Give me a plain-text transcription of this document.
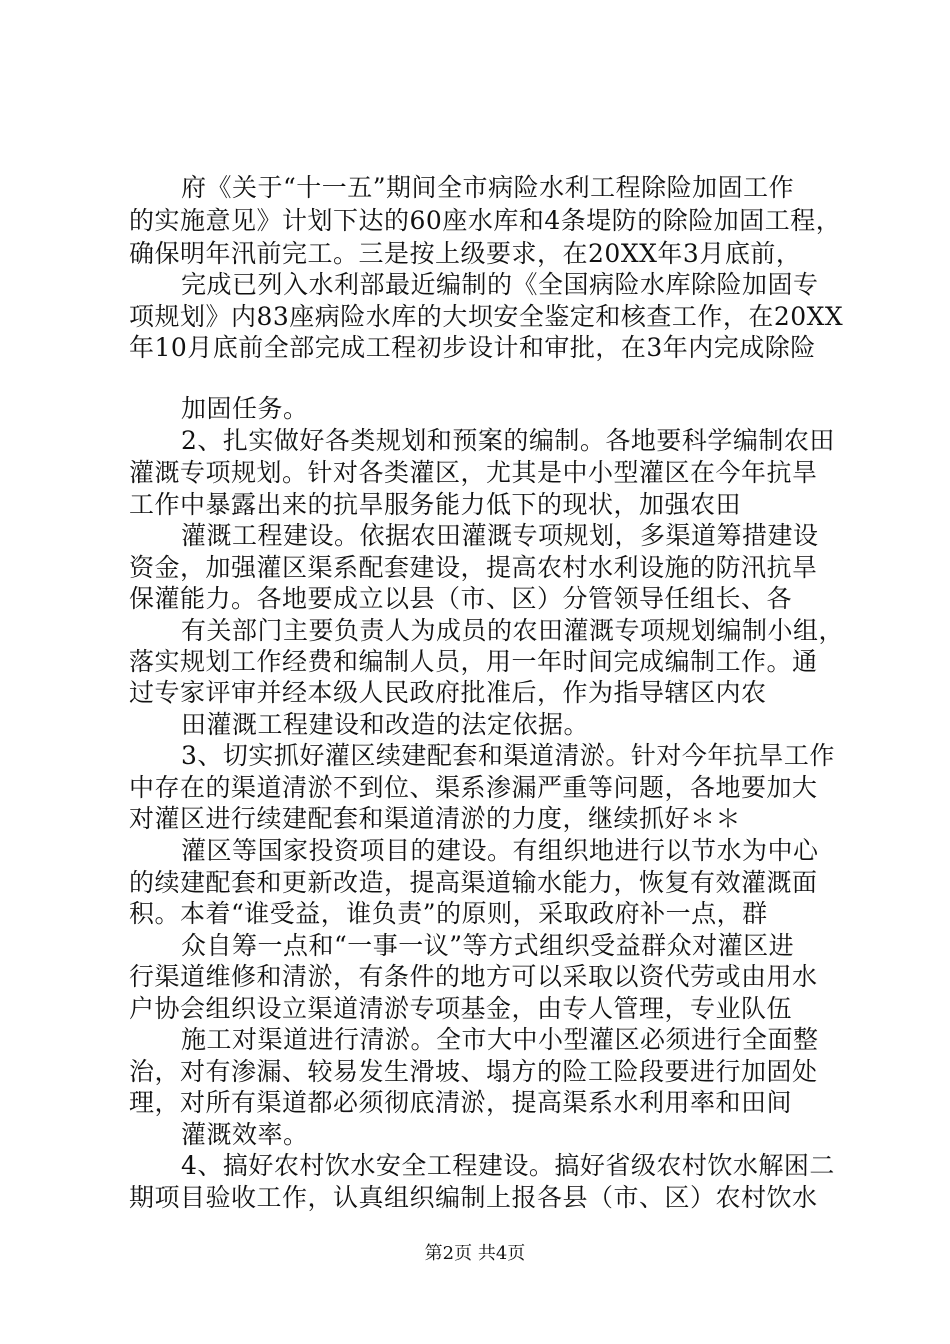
府《关于“十一五”期间全市病险水利工程除险加固工作
的实施意见》计划下达的60座水库和4条堤防的除险加固工程，
确保明年汛前完工。三是按上级要求，在20XX年3月底前，
完成已列入水利部最近编制的《全国病险水库除险加固专
项规划》内83座病险水库的大坝安全鉴定和核查工作，在20XX
年10月底前全部完成工程初步设计和审批，在3年内完成除险
加固任务。
2、扎实做好各类规划和预案的编制。各地要科学编制农田
灌溉专项规划。针对各类灌区，尤其是中小型灌区在今年抗旱
工作中暴露出来的抗旱服务能力低下的现状，加强农田
灌溉工程建设。依据农田灌溉专项规划，多渠道筹措建设
资金，加强灌区渠系配套建设，提高农村水利设施的防汛抗旱
保灌能力。各地要成立以县（市、区）分管领导任组长、各
有关部门主要负责人为成员的农田灌溉专项规划编制小组，
落实规划工作经费和编制人员，用一年时间完成编制工作。通
过专家评审并经本级人民政府批准后，作为指导辖区内农
田灌溉工程建设和改造的法定依据。
3、切实抓好灌区续建配套和渠道清淤。针对今年抗旱工作
中存在的渠道清淤不到位、渠系渗漏严重等问题，各地要加大
对灌区进行续建配套和渠道清淤的力度，继续抓好＊＊
灌区等国家投资项目的建设。有组织地进行以节水为中心
的续建配套和更新改造，提高渠道输水能力，恢复有效灌溉面
积。本着“谁受益，谁负责”的原则，采取政府补一点，群
众自筹一点和“一事一议”等方式组织受益群众对灌区进
行渠道维修和清淤，有条件的地方可以采取以资代劳或由用水
户协会组织设立渠道清淤专项基金，由专人管理，专业队伍
施工对渠道进行清淤。全市大中小型灌区必须进行全面整
治，对有渗漏、较易发生滑坡、塌方的险工险段要进行加固处
理，对所有渠道都必须彻底清淤，提高渠系水利用率和田间
灌溉效率。
4、搞好农村饮水安全工程建设。搞好省级农村饮水解困二
期项目验收工作，认真组织编制上报各县（市、区）农村饮水
第2页 共4页
